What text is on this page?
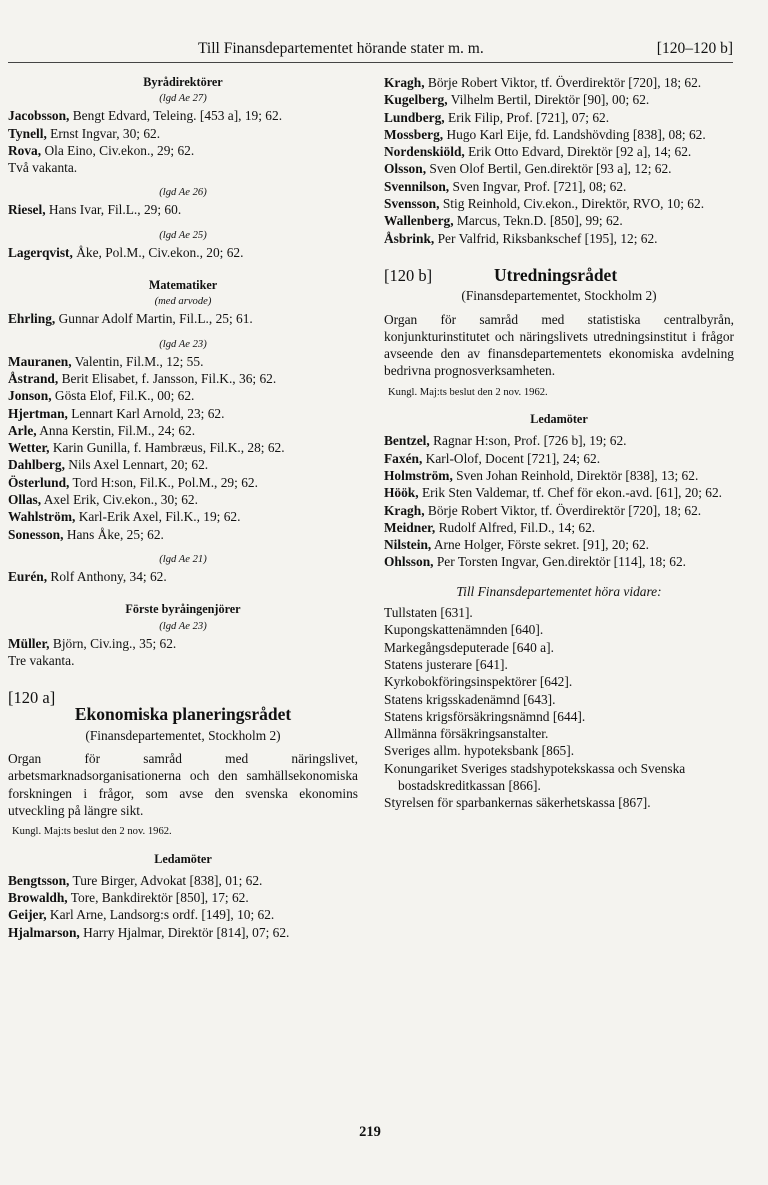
Till Finansdepartementet hörande stater m. m.	[120–120 b]
Byrådirektörer
(lgd Ae 27)
Jacobsson, Bengt Edvard, Teleing. [453 a], 19; 62.
Tynell, Ernst Ingvar, 30; 62.
Rova, Ola Eino, Civ.ekon., 29; 62.
Två vakanta.
(lgd Ae 26)
Riesel, Hans Ivar, Fil.L., 29; 60.
(lgd Ae 25)
Lagerqvist, Åke, Pol.M., Civ.ekon., 20; 62.
Matematiker
(med arvode)
Ehrling, Gunnar Adolf Martin, Fil.L., 25; 61.
(lgd Ae 23)
Mauranen, Valentin, Fil.M., 12; 55.
Åstrand, Berit Elisabet, f. Jansson, Fil.K., 36; 62.
Jonson, Gösta Elof, Fil.K., 00; 62.
Hjertman, Lennart Karl Arnold, 23; 62.
Arle, Anna Kerstin, Fil.M., 24; 62.
Wetter, Karin Gunilla, f. Hambræus, Fil.K., 28; 62.
Dahlberg, Nils Axel Lennart, 20; 62.
Österlund, Tord H:son, Fil.K., Pol.M., 29; 62.
Ollas, Axel Erik, Civ.ekon., 30; 62.
Wahlström, Karl-Erik Axel, Fil.K., 19; 62.
Sonesson, Hans Åke, 25; 62.
(lgd Ae 21)
Eurén, Rolf Anthony, 34; 62.
Förste byråingenjörer
(lgd Ae 23)
Müller, Björn, Civ.ing., 35; 62.
Tre vakanta.
[120 a]
Ekonomiska planeringsrådet
(Finansdepartementet, Stockholm 2)
Organ för samråd med näringslivet, arbetsmarknadsorganisationerna och den samhällsekonomiska forskningen i frågor, som avse den svenska ekonomins utveckling på längre sikt.
Kungl. Maj:ts beslut den 2 nov. 1962.
Ledamöter
Bengtsson, Ture Birger, Advokat [838], 01; 62.
Browaldh, Tore, Bankdirektör [850], 17; 62.
Geijer, Karl Arne, Landsorg:s ordf. [149], 10; 62.
Hjalmarson, Harry Hjalmar, Direktör [814], 07; 62.
Kragh, Börje Robert Viktor, tf. Överdirektör [720], 18; 62.
Kugelberg, Vilhelm Bertil, Direktör [90], 00; 62.
Lundberg, Erik Filip, Prof. [721], 07; 62.
Mossberg, Hugo Karl Eije, fd. Landshövding [838], 08; 62.
Nordenskiöld, Erik Otto Edvard, Direktör [92 a], 14; 62.
Olsson, Sven Olof Bertil, Gen.direktör [93 a], 12; 62.
Svennilson, Sven Ingvar, Prof. [721], 08; 62.
Svensson, Stig Reinhold, Civ.ekon., Direktör, RVO, 10; 62.
Wallenberg, Marcus, Tekn.D. [850], 99; 62.
Åsbrink, Per Valfrid, Riksbankschef [195], 12; 62.
[120 b]	Utredningsrådet
(Finansdepartementet, Stockholm 2)
Organ för samråd med statistiska centralbyrån, konjunkturinstitutet och näringslivets utredningsinstitut i frågor avseende den av finansdepartementets ekonomiska avdelning bedrivna prognosverksamheten.
Kungl. Maj:ts beslut den 2 nov. 1962.
Ledamöter
Bentzel, Ragnar H:son, Prof. [726 b], 19; 62.
Faxén, Karl-Olof, Docent [721], 24; 62.
Holmström, Sven Johan Reinhold, Direktör [838], 13; 62.
Höök, Erik Sten Valdemar, tf. Chef för ekon.-avd. [61], 20; 62.
Kragh, Börje Robert Viktor, tf. Överdirektör [720], 18; 62.
Meidner, Rudolf Alfred, Fil.D., 14; 62.
Nilstein, Arne Holger, Förste sekret. [91], 20; 62.
Ohlsson, Per Torsten Ingvar, Gen.direktör [114], 18; 62.
Till Finansdepartementet höra vidare:
Tullstaten [631].
Kupongskattenämnden [640].
Markegångsdeputerade [640 a].
Statens justerare [641].
Kyrkobokföringsinspektörer [642].
Statens krigsskadenämnd [643].
Statens krigsförsäkringsnämnd [644].
Allmänna försäkringsanstalter.
Sveriges allm. hypoteksbank [865].
Konungariket Sveriges stadshypotekskassa och Svenska bostadskreditkassan [866].
Styrelsen för sparbankernas säkerhetskassa [867].
219
